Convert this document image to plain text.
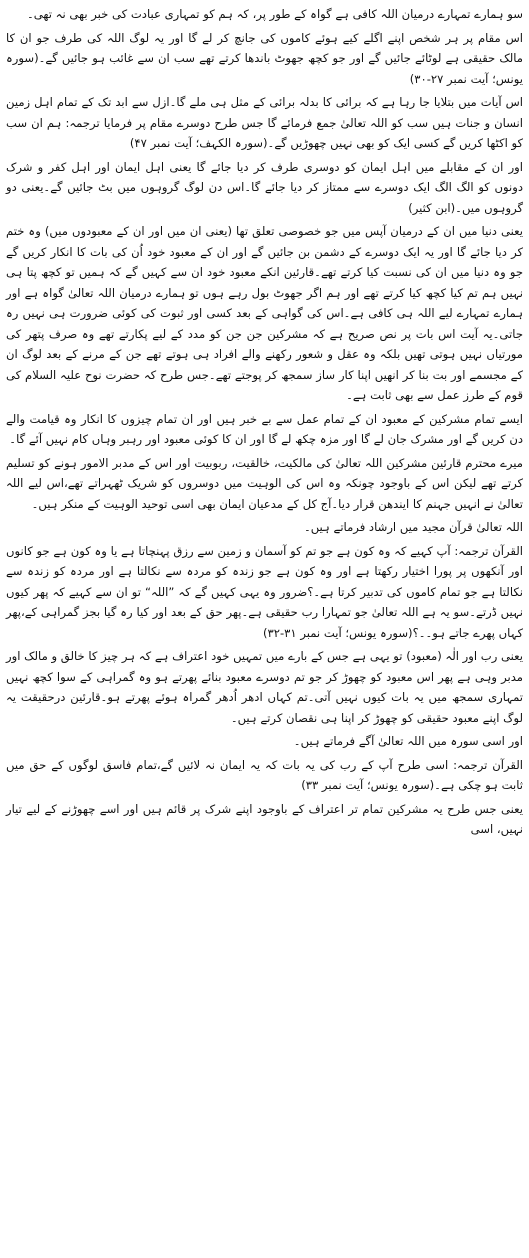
سو ہمارے تمہارے درمیان اللہ کافی ہے گواہ کے طور پر، کہ ہم کو تمہاری عبادت کی خبر بھی نہ تھی۔

اس مقام پر ہر شخص اپنے اگلے کیے ہوئے کاموں کی جانچ کر لے گا اور یہ لوگ اللہ کی طرف جو ان کا مالک حقیقی ہے لوٹائے جائیں گے اور جو کچھ جھوٹ باندھا کرتے تھے سب ان سے غائب ہو جائیں گے۔(سورہ یونس؛ آیت نمبر ۲۷-۳۰)

اس آیات میں بتلایا جا رہا ہے کہ برائی کا بدلہ برائی کے مثل ہی ملے گا۔ازل سے ابد تک کے تمام اہل زمین انسان و جنات ہیں سب کو اللہ تعالیٰ جمع فرمائے گا جس طرح دوسرے مقام پر فرمایا ترجمہ: ہم ان سب کو اکٹھا کریں گے کسی ایک کو بھی نہیں چھوڑیں گے۔(سورہ الکہف؛ آیت نمبر ۴۷)

اور ان کے مقابلے میں اہل ایمان کو دوسری طرف کر دیا جائے گا یعنی اہل ایمان اور اہل کفر و شرک دونوں کو الگ الگ ایک دوسرے سے ممتاز کر دیا جائے گا۔اس دن لوگ گروہوں میں بٹ جائیں گے۔یعنی دو گروہوں میں۔(ابن کثیر)

یعنی دنیا میں ان کے درمیان آپس میں جو خصوصی تعلق تھا (یعنی ان میں اور ان کے معبودوں میں) وہ ختم کر دیا جائے گا اور یہ ایک دوسرے کے دشمن بن جائیں گے اور ان کے معبود خود اُن کی بات کا انکار کریں گے جو وہ دنیا میں ان کی نسبت کیا کرتے تھے۔قارئین انکے معبود خود ان سے کہیں گے کہ ہمیں تو کچھ پتا ہی نہیں ہم تم کیا کچھ کیا کرتے تھے اور ہم اگر جھوٹ بول رہے ہوں تو ہمارے درمیان اللہ تعالیٰ گواہ ہے اور ہمارے تمہارے لیے اللہ ہی کافی ہے۔اس کی گواہی کے بعد کسی اور ثبوت کی کوئی ضرورت ہی نہیں رہ جاتی۔یہ آیت اس بات پر نص صریح ہے کہ مشرکین جن جن کو مدد کے لیے پکارتے تھے وہ صرف پتھر کی مورتیاں نہیں ہوتی تھیں بلکہ وہ عقل و شعور رکھنے والے افراد ہی ہوتے تھے جن کے مرنے کے بعد لوگ ان کے مجسمے اور بت بنا کر انھیں اپنا کار ساز سمجھ کر پوجتے تھے۔جس طرح کہ حضرت نوح علیہ السلام کی قوم کے طرز عمل سے بھی ثابت ہے۔

ایسے تمام مشرکین کے معبود ان کے تمام عمل سے بے خبر ہیں اور ان تمام چیزوں کا انکار وہ قیامت والے دن کریں گے اور مشرک جان لے گا اور مزہ چکھ لے گا اور ان کا کوئی معبود اور رہبر وہاں کام نہیں آئے گا۔

میرے محترم قارئین مشرکین اللہ تعالیٰ کی مالکیت، خالقیت، ربوبیت اور اس کے مدبر الامور ہونے کو تسلیم کرتے تھے لیکن اس کے باوجود چونکہ وہ اس کی الوہیت میں دوسروں کو شریک ٹھہراتے تھے،اس لیے اللہ تعالیٰ نے انہیں جہنم کا ایندھن قرار دیا۔آج کل کے مدعیان ایمان بھی اسی توحید الوہیت کے منکر ہیں۔

اللہ تعالیٰ قرآن مجید میں ارشاد فرماتے ہیں۔

القرآن ترجمہ: آپ کہیے کہ وہ کون ہے جو تم کو آسمان و زمین سے رزق پہنچاتا ہے یا وہ کون ہے جو کانوں اور آنکھوں پر پورا اختیار رکھتا ہے اور وہ کون ہے جو زندہ کو مردہ سے نکالتا ہے اور مردہ کو زندہ سے نکالتا ہے جو تمام کاموں کی تدبیر کرتا ہے۔؟ضرور وہ یہی کہیں گے کہ ”اللہ“ تو ان سے کہیے کہ پھر کیوں نہیں ڈرتے۔سو یہ ہے اللہ تعالیٰ جو تمہارا رب حقیقی ہے۔پھر حق کے بعد اور کیا رہ گیا بجز گمراہی کے،پھر کہاں پھرے جاتے ہو۔۔؟(سورہ یونس؛ آیت نمبر ۳۱-۳۲)

یعنی رب اور الٰہ (معبود) تو یہی ہے جس کے بارے میں تمہیں خود اعتراف ہے کہ ہر چیز کا خالق و مالک اور مدبر وہی ہے پھر اس معبود کو چھوڑ کر جو تم دوسرے معبود بنائے پھرتے ہو وہ گمراہی کے سوا کچھ نہیں تمہاری سمجھ میں یہ بات کیوں نہیں آتی۔تم کہاں ادھر اُدھر گمراہ ہوئے پھرتے ہو۔قارئین درحقیقت یہ لوگ اپنے معبود حقیقی کو چھوڑ کر اپنا ہی نقصان کرتے ہیں۔

اور اسی سورہ میں اللہ تعالیٰ آگے فرماتے ہیں۔

القرآن ترجمہ: اسی طرح آپ کے رب کی یہ بات کہ یہ ایمان نہ لائیں گے،تمام فاسق لوگوں کے حق میں ثابت ہو چکی ہے۔(سورہ یونس؛ آیت نمبر ۳۳)

یعنی جس طرح یہ مشرکین تمام تر اعتراف کے باوجود اپنے شرک پر قائم ہیں اور اسے چھوڑنے کے لیے تیار نہیں، اسی
